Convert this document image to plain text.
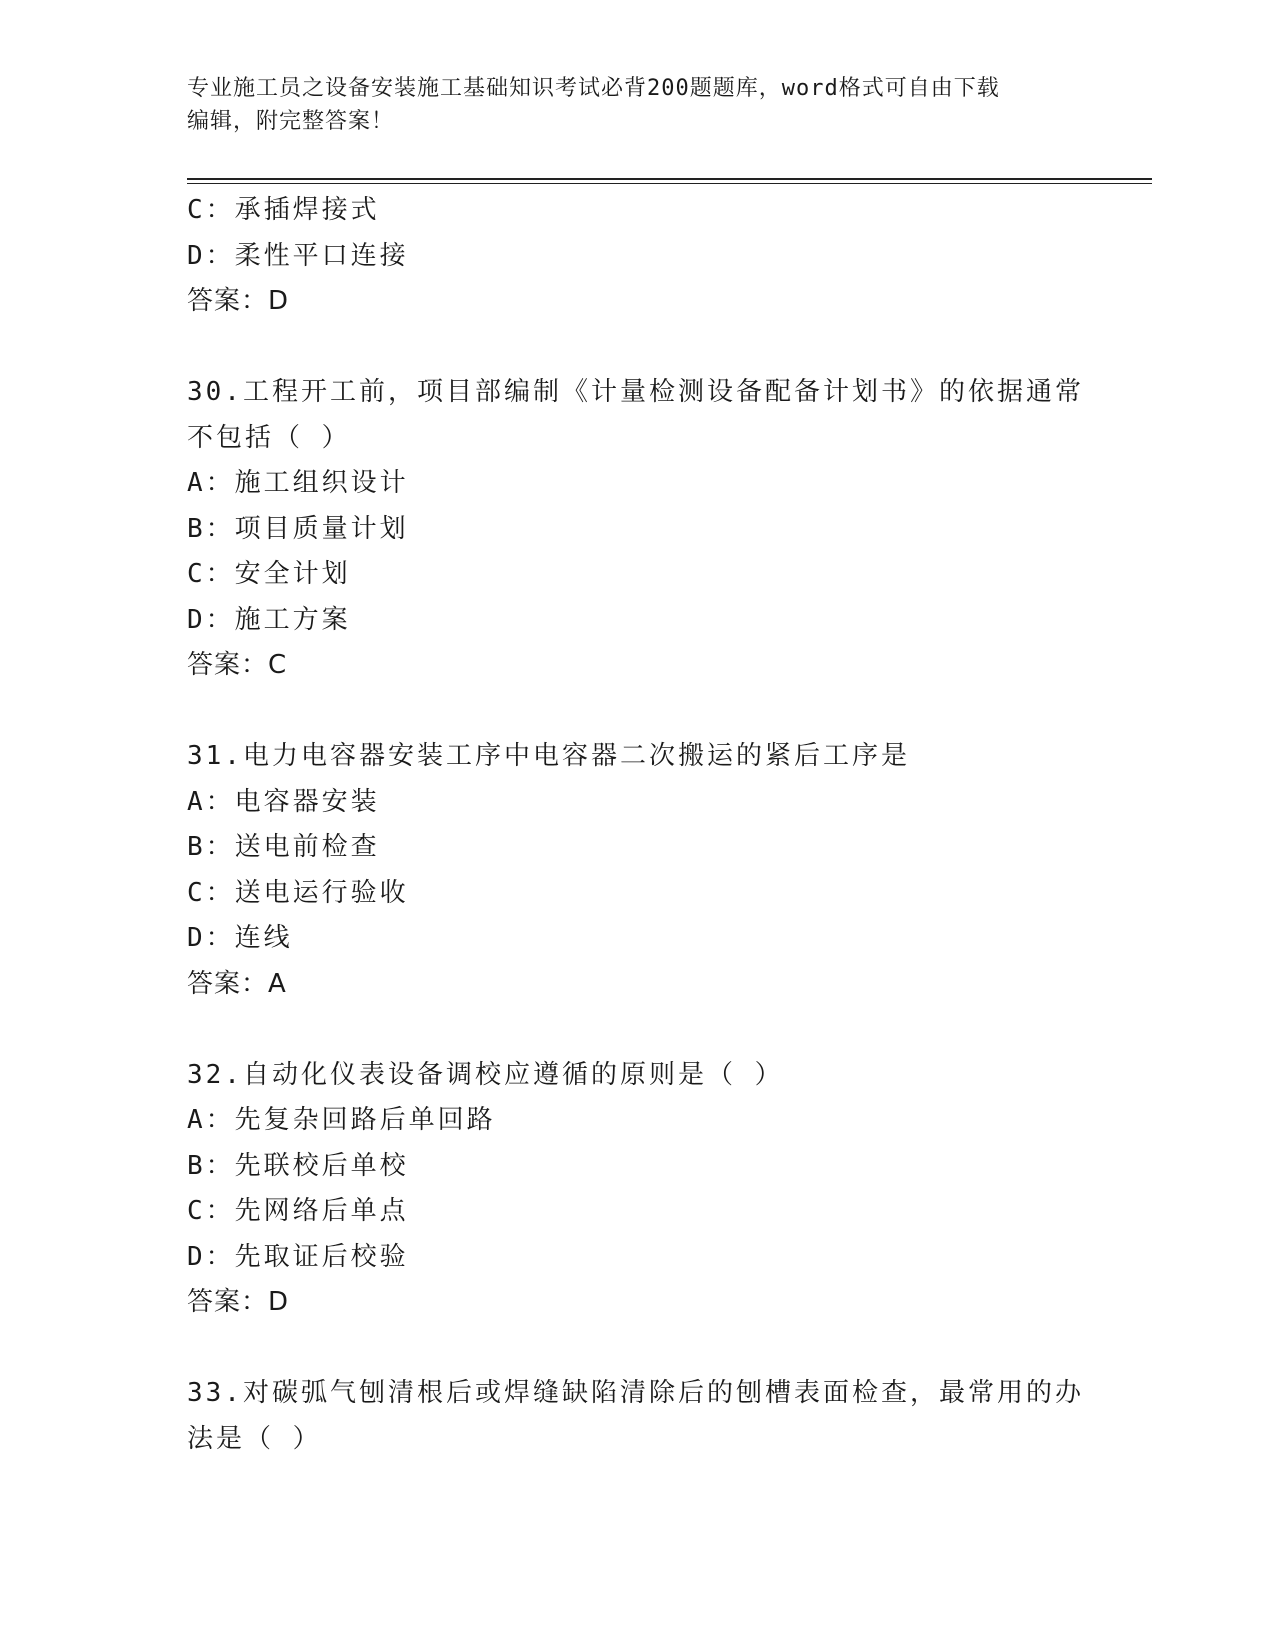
专业施工员之设备安装施工基础知识考试必背200题题库，word格式可自由下载
编辑，附完整答案！
C：承插焊接式
D：柔性平口连接
答案：D
30.工程开工前，项目部编制《计量检测设备配备计划书》的依据通常
不包括（ ）
A：施工组织设计
B：项目质量计划
C：安全计划
D：施工方案
答案：C
31.电力电容器安装工序中电容器二次搬运的紧后工序是
A：电容器安装
B：送电前检查
C：送电运行验收
D：连线
答案：A
32.自动化仪表设备调校应遵循的原则是（ ）
A：先复杂回路后单回路
B：先联校后单校
C：先网络后单点
D：先取证后校验
答案：D
33.对碳弧气刨清根后或焊缝缺陷清除后的刨槽表面检查，最常用的办
法是（ ）
